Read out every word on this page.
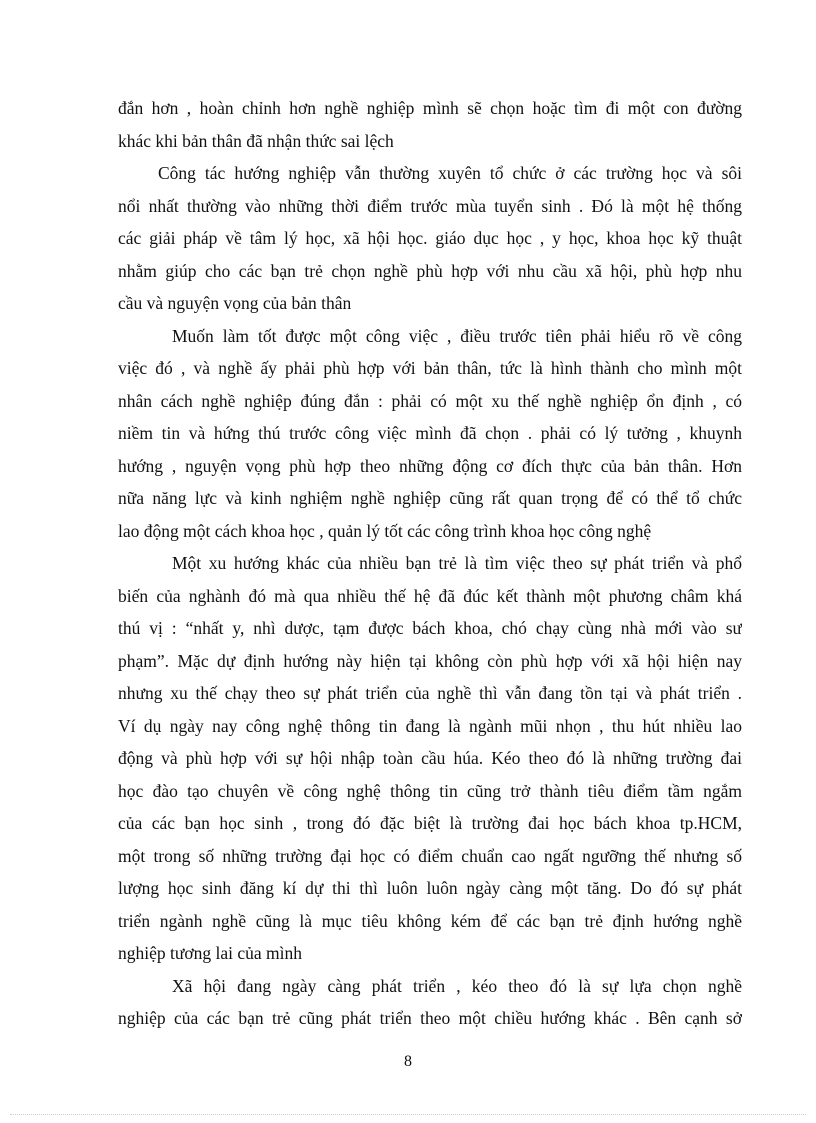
đắn hơn , hoàn chỉnh hơn nghề nghiệp mình sẽ chọn hoặc tìm đi một con đường
khác khi bản thân đã nhận thức sai lệch
Công tác hướng nghiệp vẫn thường xuyên tổ chức ở các trường học và sôi
nổi nhất thường vào những thời điểm trước mùa tuyển sinh . Đó là một hệ thống
các giải pháp về tâm lý học, xã hội học. giáo dục học , y học, khoa học kỹ thuật
nhằm giúp cho các bạn trẻ chọn nghề phù hợp với nhu cầu xã hội, phù hợp nhu
cầu và nguyện vọng của bản thân
Muốn làm tốt được một công việc , điều trước tiên phải hiểu rõ về công
việc đó , và nghề ấy phải phù hợp với bản thân, tức là hình thành cho mình một
nhân cách nghề nghiệp đúng đắn : phải có một xu thế nghề nghiệp ổn định , có
niềm tin và hứng thú trước công việc mình đã chọn . phải có lý tưởng , khuynh
hướng , nguyện vọng phù hợp theo những động cơ đích thực của bản thân. Hơn
nữa năng lực và kinh nghiệm nghề nghiệp cũng rất quan trọng để có thể tổ chức
lao động một cách khoa học , quản lý tốt các công trình khoa học công nghệ
Một xu hướng khác của nhiều bạn trẻ là tìm việc theo sự phát triển và phổ
biến của nghành đó mà qua nhiều thế hệ đã đúc kết thành một phương châm khá
thú vị : “nhất y, nhì dược, tạm được bách khoa, chó chạy cùng nhà mới vào sư
phạm”. Mặc dự định hướng này hiện tại không còn phù hợp với xã hội hiện nay
nhưng xu thế chạy theo sự phát triển của nghề thì vẫn đang tồn tại và phát triển .
Ví dụ ngày nay công nghệ thông tin đang là ngành mũi nhọn , thu hút nhiều lao
động và phù hợp với sự hội nhập toàn cầu húa. Kéo theo đó là những trường đai
học đào tạo chuyên về công nghệ thông tin cũng trở thành tiêu điểm tầm ngắm
của các bạn học sinh , trong đó đặc biệt là trường đai học bách khoa tp.HCM,
một trong số những trường đại học có điểm chuẩn cao ngất ngưỡng thế nhưng số
lượng học sinh đăng kí dự thi thì luôn luôn ngày càng một tăng. Do đó sự phát
triển ngành nghề cũng là mục tiêu không kém để các bạn trẻ định hướng nghề
nghiệp tương lai của mình
Xã hội đang ngày càng phát triển , kéo theo đó là sự lựa chọn nghề
nghiệp của các bạn trẻ cũng phát triển theo một chiều hướng khác . Bên cạnh sở
8
